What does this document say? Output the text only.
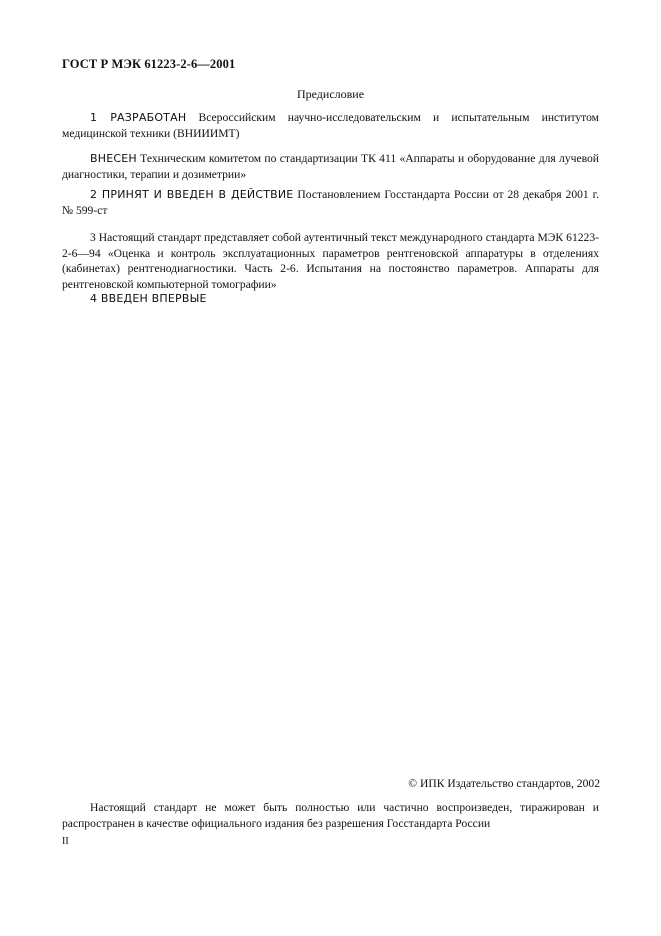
ГОСТ Р МЭК 61223-2-6—2001
Предисловие
1 РАЗРАБОТАН Всероссийским научно-исследовательским и испытательным институтом медицинской техники (ВНИИИМТ)
ВНЕСЕН Техническим комитетом по стандартизации ТК 411 «Аппараты и оборудование для лучевой диагностики, терапии и дозиметрии»
2 ПРИНЯТ И ВВЕДЕН В ДЕЙСТВИЕ Постановлением Госстандарта России от 28 декабря 2001 г. № 599-ст
3 Настоящий стандарт представляет собой аутентичный текст международного стандарта МЭК 61223-2-6—94 «Оценка и контроль эксплуатационных параметров рентгеновской аппаратуры в отделениях (кабинетах) рентгенодиагностики. Часть 2-6. Испытания на постоянство параметров. Аппараты для рентгеновской компьютерной томографии»
4 ВВЕДЕН ВПЕРВЫЕ
© ИПК Издательство стандартов, 2002
Настоящий стандарт не может быть полностью или частично воспроизведен, тиражирован и распространен в качестве официального издания без разрешения Госстандарта России
II
